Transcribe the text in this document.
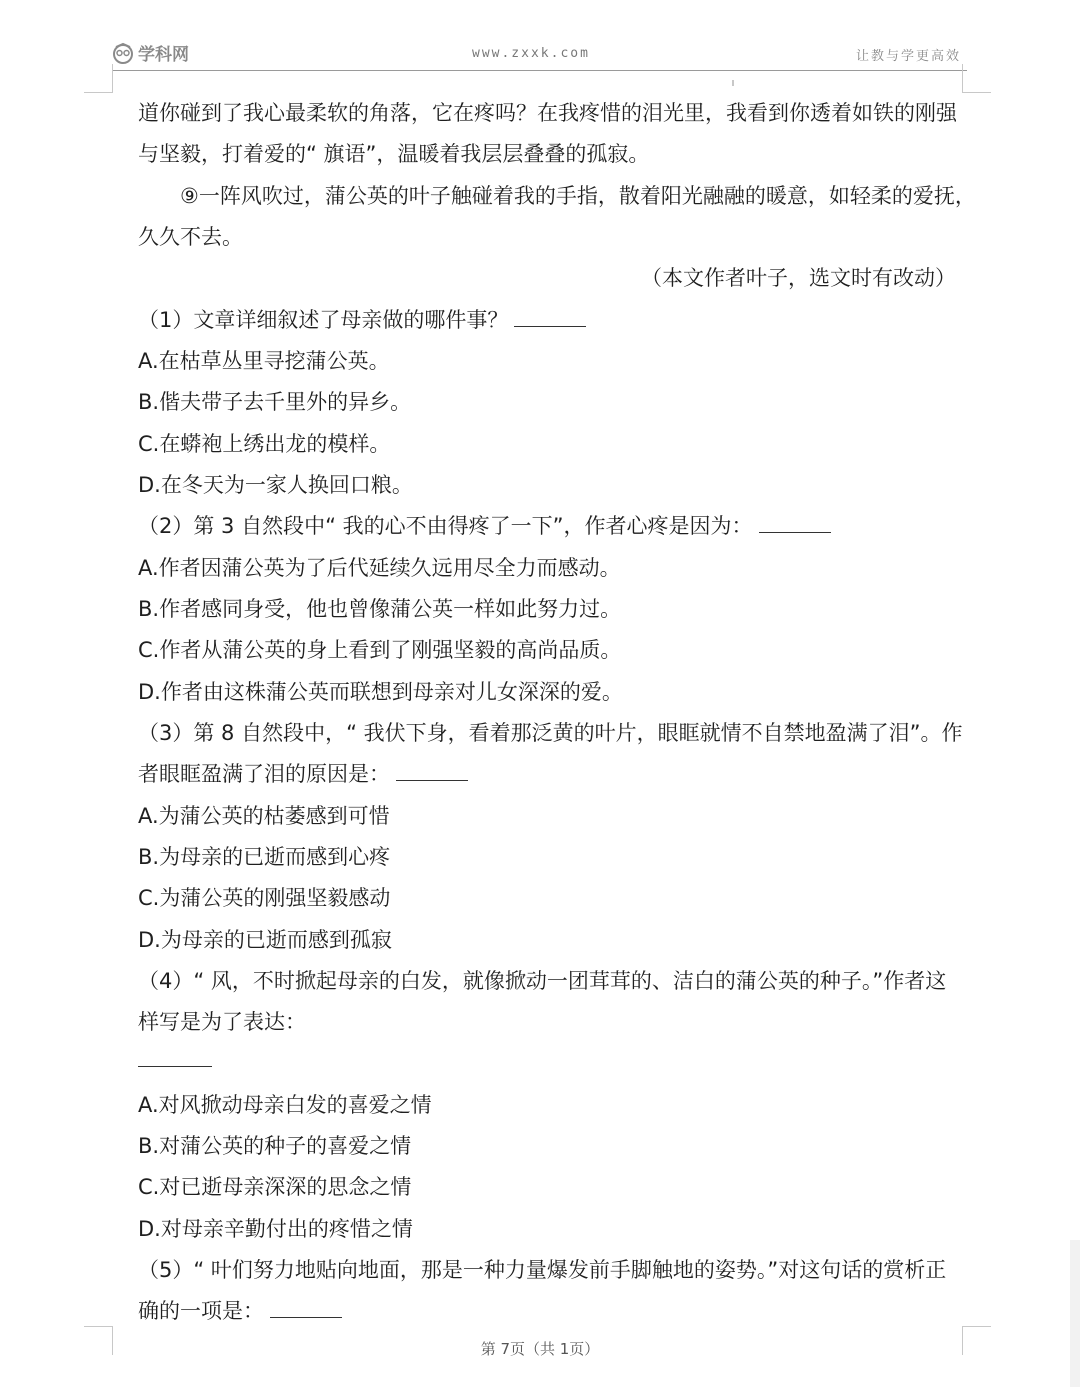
学科网	www.zxxk.com	让教与学更高效
道你碰到了我心最柔软的角落，它在疼吗？在我疼惜的泪光里，我看到你透着如铁的刚强
与坚毅，打着爱的“ 旗语”，温暖着我层层叠叠的孤寂。
⑨一阵风吹过，蒲公英的叶子触碰着我的手指，散着阳光融融的暖意，如轻柔的爱抚，
久久不去。
（本文作者叶子，选文时有改动）
（1）文章详细叙述了母亲做的哪件事？
A.在枯草丛里寻挖蒲公英。
B.偕夫带子去千里外的异乡。
C.在蟒袍上绣出龙的模样。
D.在冬天为一家人换回口粮。
（2）第 3 自然段中“ 我的心不由得疼了一下”，作者心疼是因为：
A.作者因蒲公英为了后代延续久远用尽全力而感动。
B.作者感同身受，他也曾像蒲公英一样如此努力过。
C.作者从蒲公英的身上看到了刚强坚毅的高尚品质。
D.作者由这株蒲公英而联想到母亲对儿女深深的爱。
（3）第 8 自然段中，“ 我伏下身，看着那泛黄的叶片，眼眶就情不自禁地盈满了泪”。作
者眼眶盈满了泪的原因是：
A.为蒲公英的枯萎感到可惜
B.为母亲的已逝而感到心疼
C.为蒲公英的刚强坚毅感动
D.为母亲的已逝而感到孤寂
（4）“ 风，不时掀起母亲的白发，就像掀动一团茸茸的、洁白的蒲公英的种子。”作者这
样写是为了表达：
A.对风掀动母亲白发的喜爱之情
B.对蒲公英的种子的喜爱之情
C.对已逝母亲深深的思念之情
D.对母亲辛勤付出的疼惜之情
（5）“ 叶们努力地贴向地面，那是一种力量爆发前手脚触地的姿势。”对这句话的赏析正
确的一项是：
第 7页（共 1页）
